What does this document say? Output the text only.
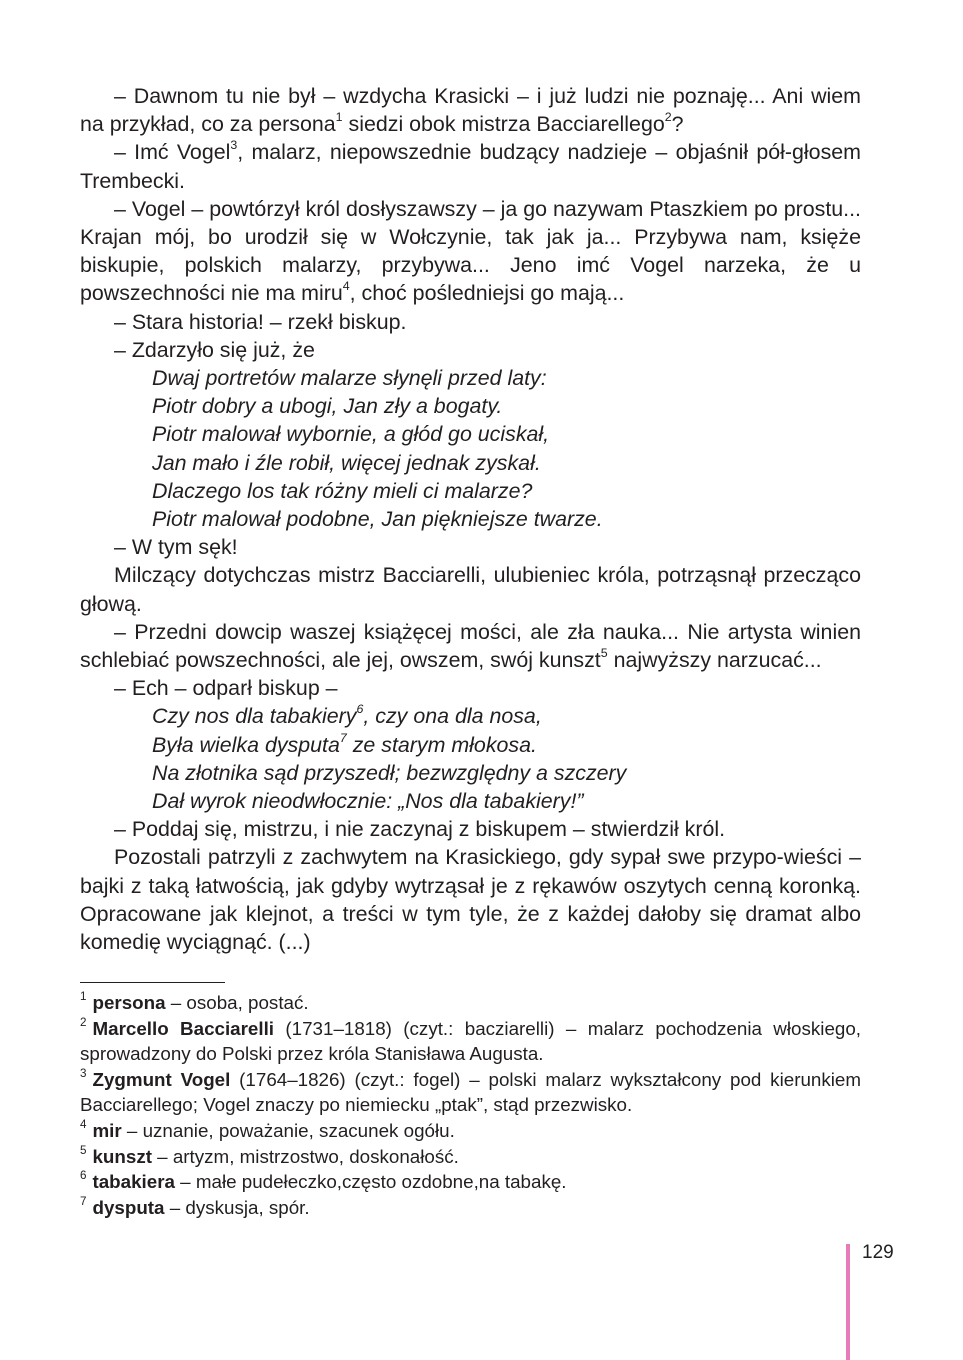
– Dawnom tu nie był – wzdycha Krasicki – i już ludzi nie poznaję... Ani wiem na przykład, co za persona$^1$ siedzi obok mistrza Bacciarellego$^2$?

– Imć Vogel$^3$, malarz, niepowszednie budzący nadzieje – objaśnił pół-głosem Trembecki.

– Vogel – powtórzył król dosłyszawszy – ja go nazywam Ptaszkiem po prostu... Krajan mój, bo urodził się w Wołczynie, tak jak ja... Przybywa nam, księże biskupie, polskich malarzy, przybywa... Jeno imć Vogel narzeka, że u powszechności nie ma miru$^4$, choć pośledniejsi go mają...

– Stara historia! – rzekł biskup.

– Zdarzyło się już, że

Dwaj portretów malarze słynęli przed laty:

Piotr dobry a ubogi, Jan zły a bogaty.

Piotr malował wybornie, a głód go uciskał,

Jan mało i źle robił, więcej jednak zyskał.

Dlaczego los tak różny mieli ci malarze?

Piotr malował podobne, Jan piękniejsze twarze.

– W tym sęk!

Milczący dotychczas mistrz Bacciarelli, ulubieniec króla, potrząsnął przecząco głową.

– Przedni dowcip waszej książęcej mości, ale zła nauka... Nie artysta winien schlebiać powszechności, ale jej, owszem, swój kunszt$^5$ najwyższy narzucać...

– Ech – odparł biskup –

Czy nos dla tabakiery$^6$, czy ona dla nosa,

Była wielka dysputa$^7$ ze starym młokosa.

Na złotnika sąd przyszedł; bezwzględny a szczery

Dał wyrok nieodwłocznie: „Nos dla tabakiery!”

– Poddaj się, mistrzu, i nie zaczynaj z biskupem – stwierdził król.

Pozostali patrzyli z zachwytem na Krasickiego, gdy sypał swe przypo-wieści – bajki z taką łatwością, jak gdyby wytrząsał je z rękawów oszytych cenną koronką. Opracowane jak klejnot, a treści w tym tyle, że z każdej dałoby się dramat albo komedię wyciągnąć. (...)

$^1$ persona – osoba, postać.

$^2$ Marcello Bacciarelli (1731–1818) (czyt.: bacziarelli) – malarz pochodzenia włoskiego, sprowadzony do Polski przez króla Stanisława Augusta.

$^3$ Zygmunt Vogel (1764–1826) (czyt.: fogel) – polski malarz wykształcony pod kierunkiem Bacciarellego; Vogel znaczy po niemiecku „ptak”, stąd przezwisko.

$^4$ mir – uznanie, poważanie, szacunek ogółu.

$^5$ kunszt – artyzm, mistrzostwo, doskonałość.

$^6$ tabakiera – małe pudełeczko,często ozdobne,na tabakę.

$^7$ dysputa – dyskusja, spór.

129
